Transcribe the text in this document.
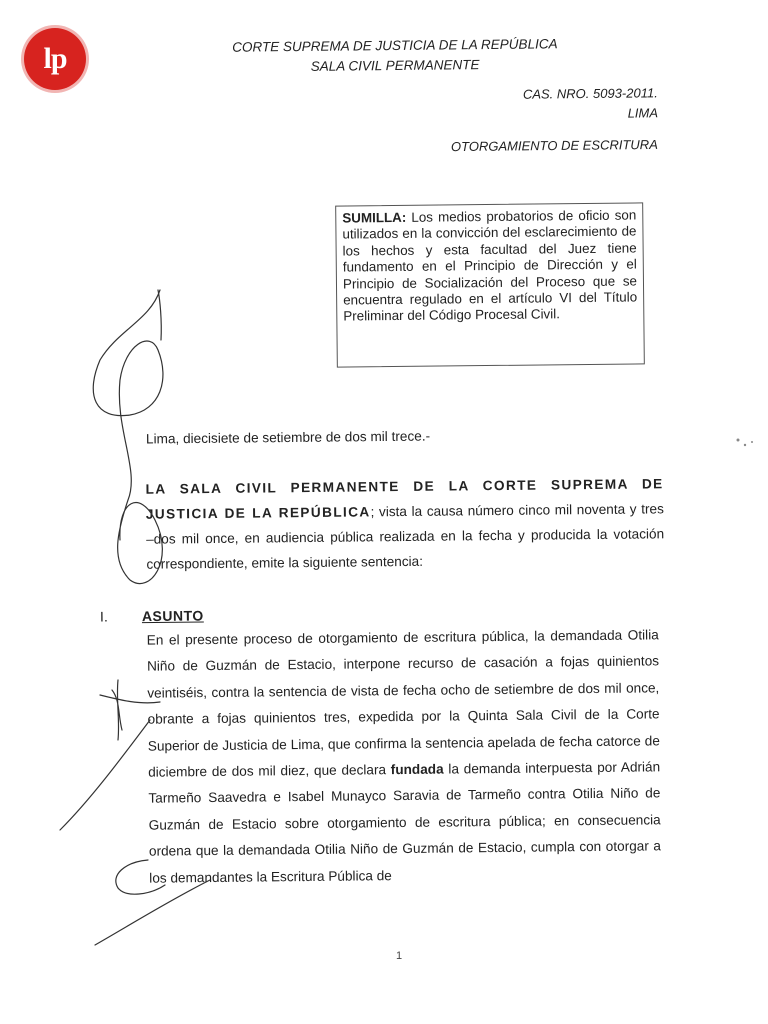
lp	CORTE SUPREMA DE JUSTICIA DE LA REPÚBLICA
SALA CIVIL PERMANENTE
CAS. NRO. 5093-2011.
LIMA
OTORGAMIENTO DE ESCRITURA
SUMILLA: Los medios probatorios de oficio son utilizados en la convicción del esclarecimiento de los hechos y esta facultad del Juez tiene fundamento en el Principio de Dirección y el Principio de Socialización del Proceso que se encuentra regulado en el artículo VI del Título Preliminar del Código Procesal Civil.
Lima, diecisiete de setiembre de dos mil trece.-
LA SALA CIVIL PERMANENTE DE LA CORTE SUPREMA DE JUSTICIA DE LA REPÚBLICA; vista la causa número cinco mil noventa y tres –dos mil once, en audiencia pública realizada en la fecha y producida la votación correspondiente, emite la siguiente sentencia:
I. ASUNTO
En el presente proceso de otorgamiento de escritura pública, la demandada Otilia Niño de Guzmán de Estacio, interpone recurso de casación a fojas quinientos veintiséis, contra la sentencia de vista de fecha ocho de setiembre de dos mil once, obrante a fojas quinientos tres, expedida por la Quinta Sala Civil de la Corte Superior de Justicia de Lima, que confirma la sentencia apelada de fecha catorce de diciembre de dos mil diez, que declara fundada la demanda interpuesta por Adrián Tarmeño Saavedra e Isabel Munayco Saravia de Tarmeño contra Otilia Niño de Guzmán de Estacio sobre otorgamiento de escritura pública; en consecuencia ordena que la demandada Otilia Niño de Guzmán de Estacio, cumpla con otorgar a los demandantes la Escritura Pública de
1
